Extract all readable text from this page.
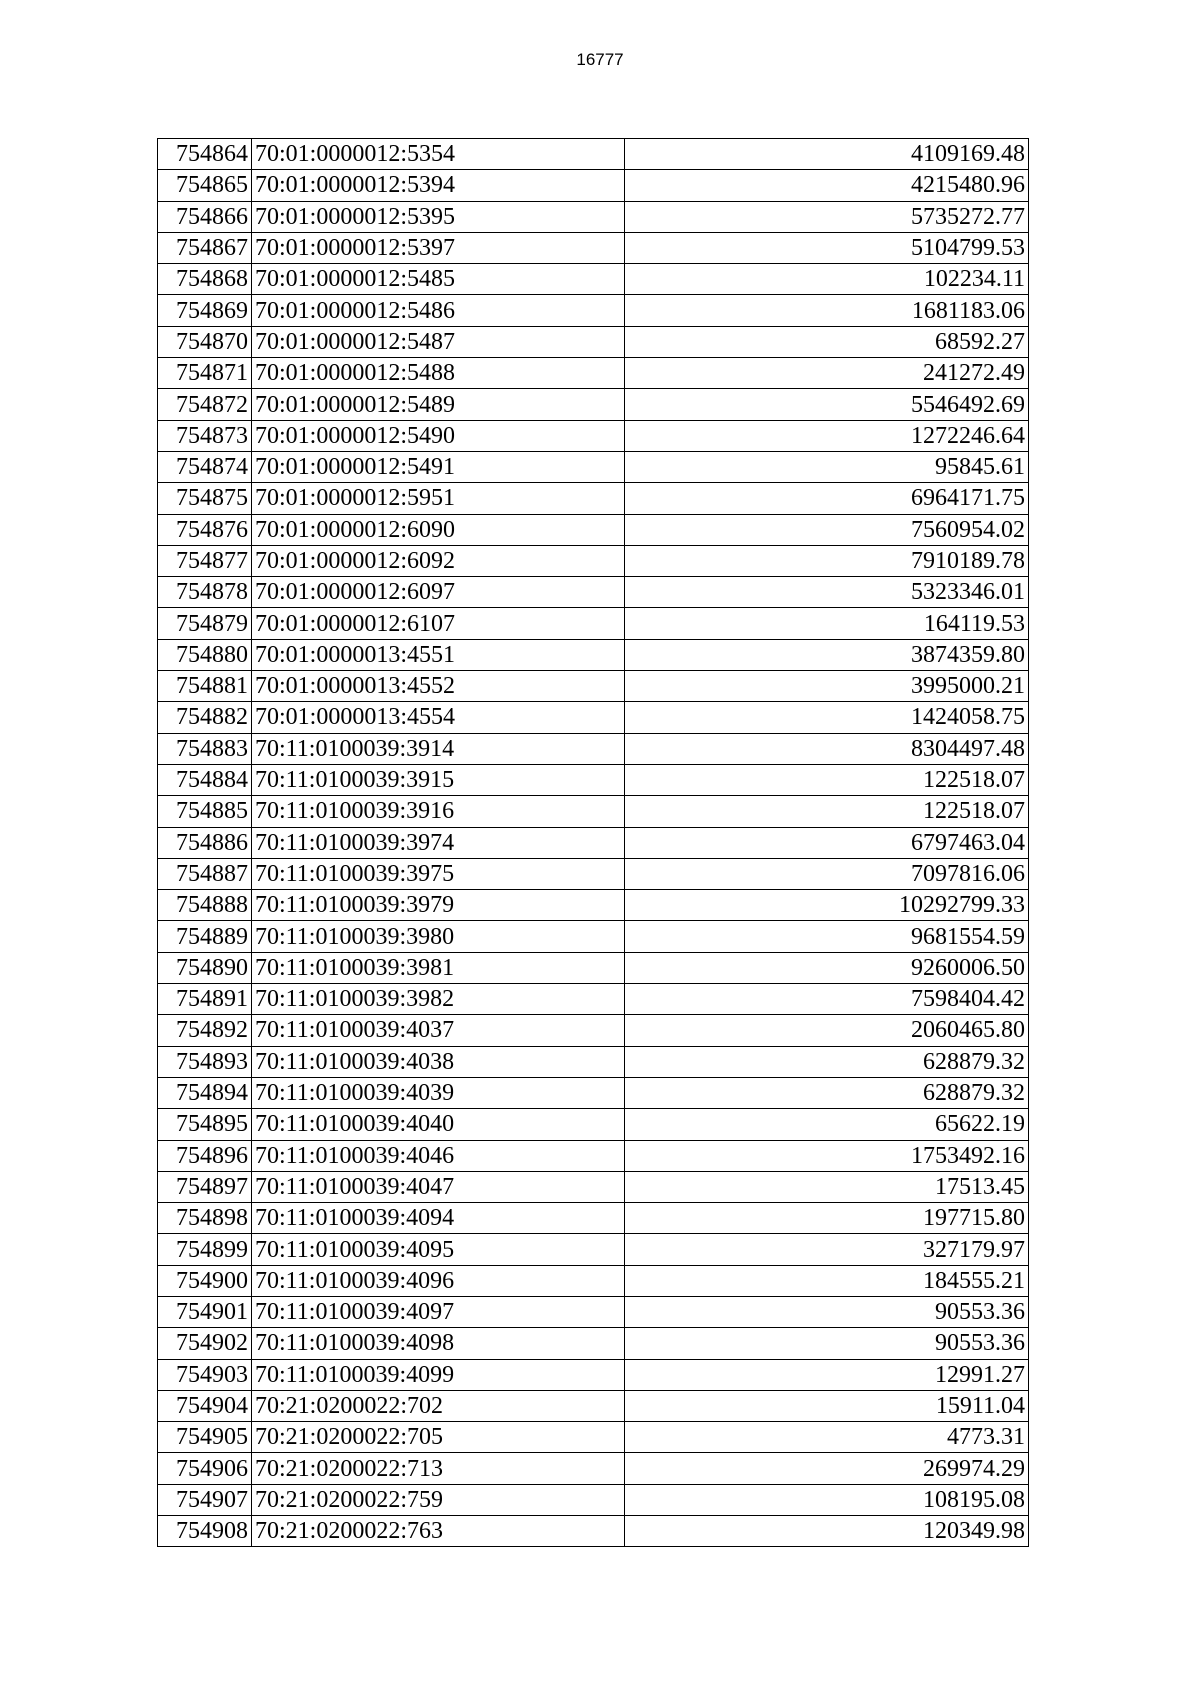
16777
754864	70:01:0000012:5354	4109169.48
754865	70:01:0000012:5394	4215480.96
754866	70:01:0000012:5395	5735272.77
754867	70:01:0000012:5397	5104799.53
754868	70:01:0000012:5485	102234.11
754869	70:01:0000012:5486	1681183.06
754870	70:01:0000012:5487	68592.27
754871	70:01:0000012:5488	241272.49
754872	70:01:0000012:5489	5546492.69
754873	70:01:0000012:5490	1272246.64
754874	70:01:0000012:5491	95845.61
754875	70:01:0000012:5951	6964171.75
754876	70:01:0000012:6090	7560954.02
754877	70:01:0000012:6092	7910189.78
754878	70:01:0000012:6097	5323346.01
754879	70:01:0000012:6107	164119.53
754880	70:01:0000013:4551	3874359.80
754881	70:01:0000013:4552	3995000.21
754882	70:01:0000013:4554	1424058.75
754883	70:11:0100039:3914	8304497.48
754884	70:11:0100039:3915	122518.07
754885	70:11:0100039:3916	122518.07
754886	70:11:0100039:3974	6797463.04
754887	70:11:0100039:3975	7097816.06
754888	70:11:0100039:3979	10292799.33
754889	70:11:0100039:3980	9681554.59
754890	70:11:0100039:3981	9260006.50
754891	70:11:0100039:3982	7598404.42
754892	70:11:0100039:4037	2060465.80
754893	70:11:0100039:4038	628879.32
754894	70:11:0100039:4039	628879.32
754895	70:11:0100039:4040	65622.19
754896	70:11:0100039:4046	1753492.16
754897	70:11:0100039:4047	17513.45
754898	70:11:0100039:4094	197715.80
754899	70:11:0100039:4095	327179.97
754900	70:11:0100039:4096	184555.21
754901	70:11:0100039:4097	90553.36
754902	70:11:0100039:4098	90553.36
754903	70:11:0100039:4099	12991.27
754904	70:21:0200022:702	15911.04
754905	70:21:0200022:705	4773.31
754906	70:21:0200022:713	269974.29
754907	70:21:0200022:759	108195.08
754908	70:21:0200022:763	120349.98
